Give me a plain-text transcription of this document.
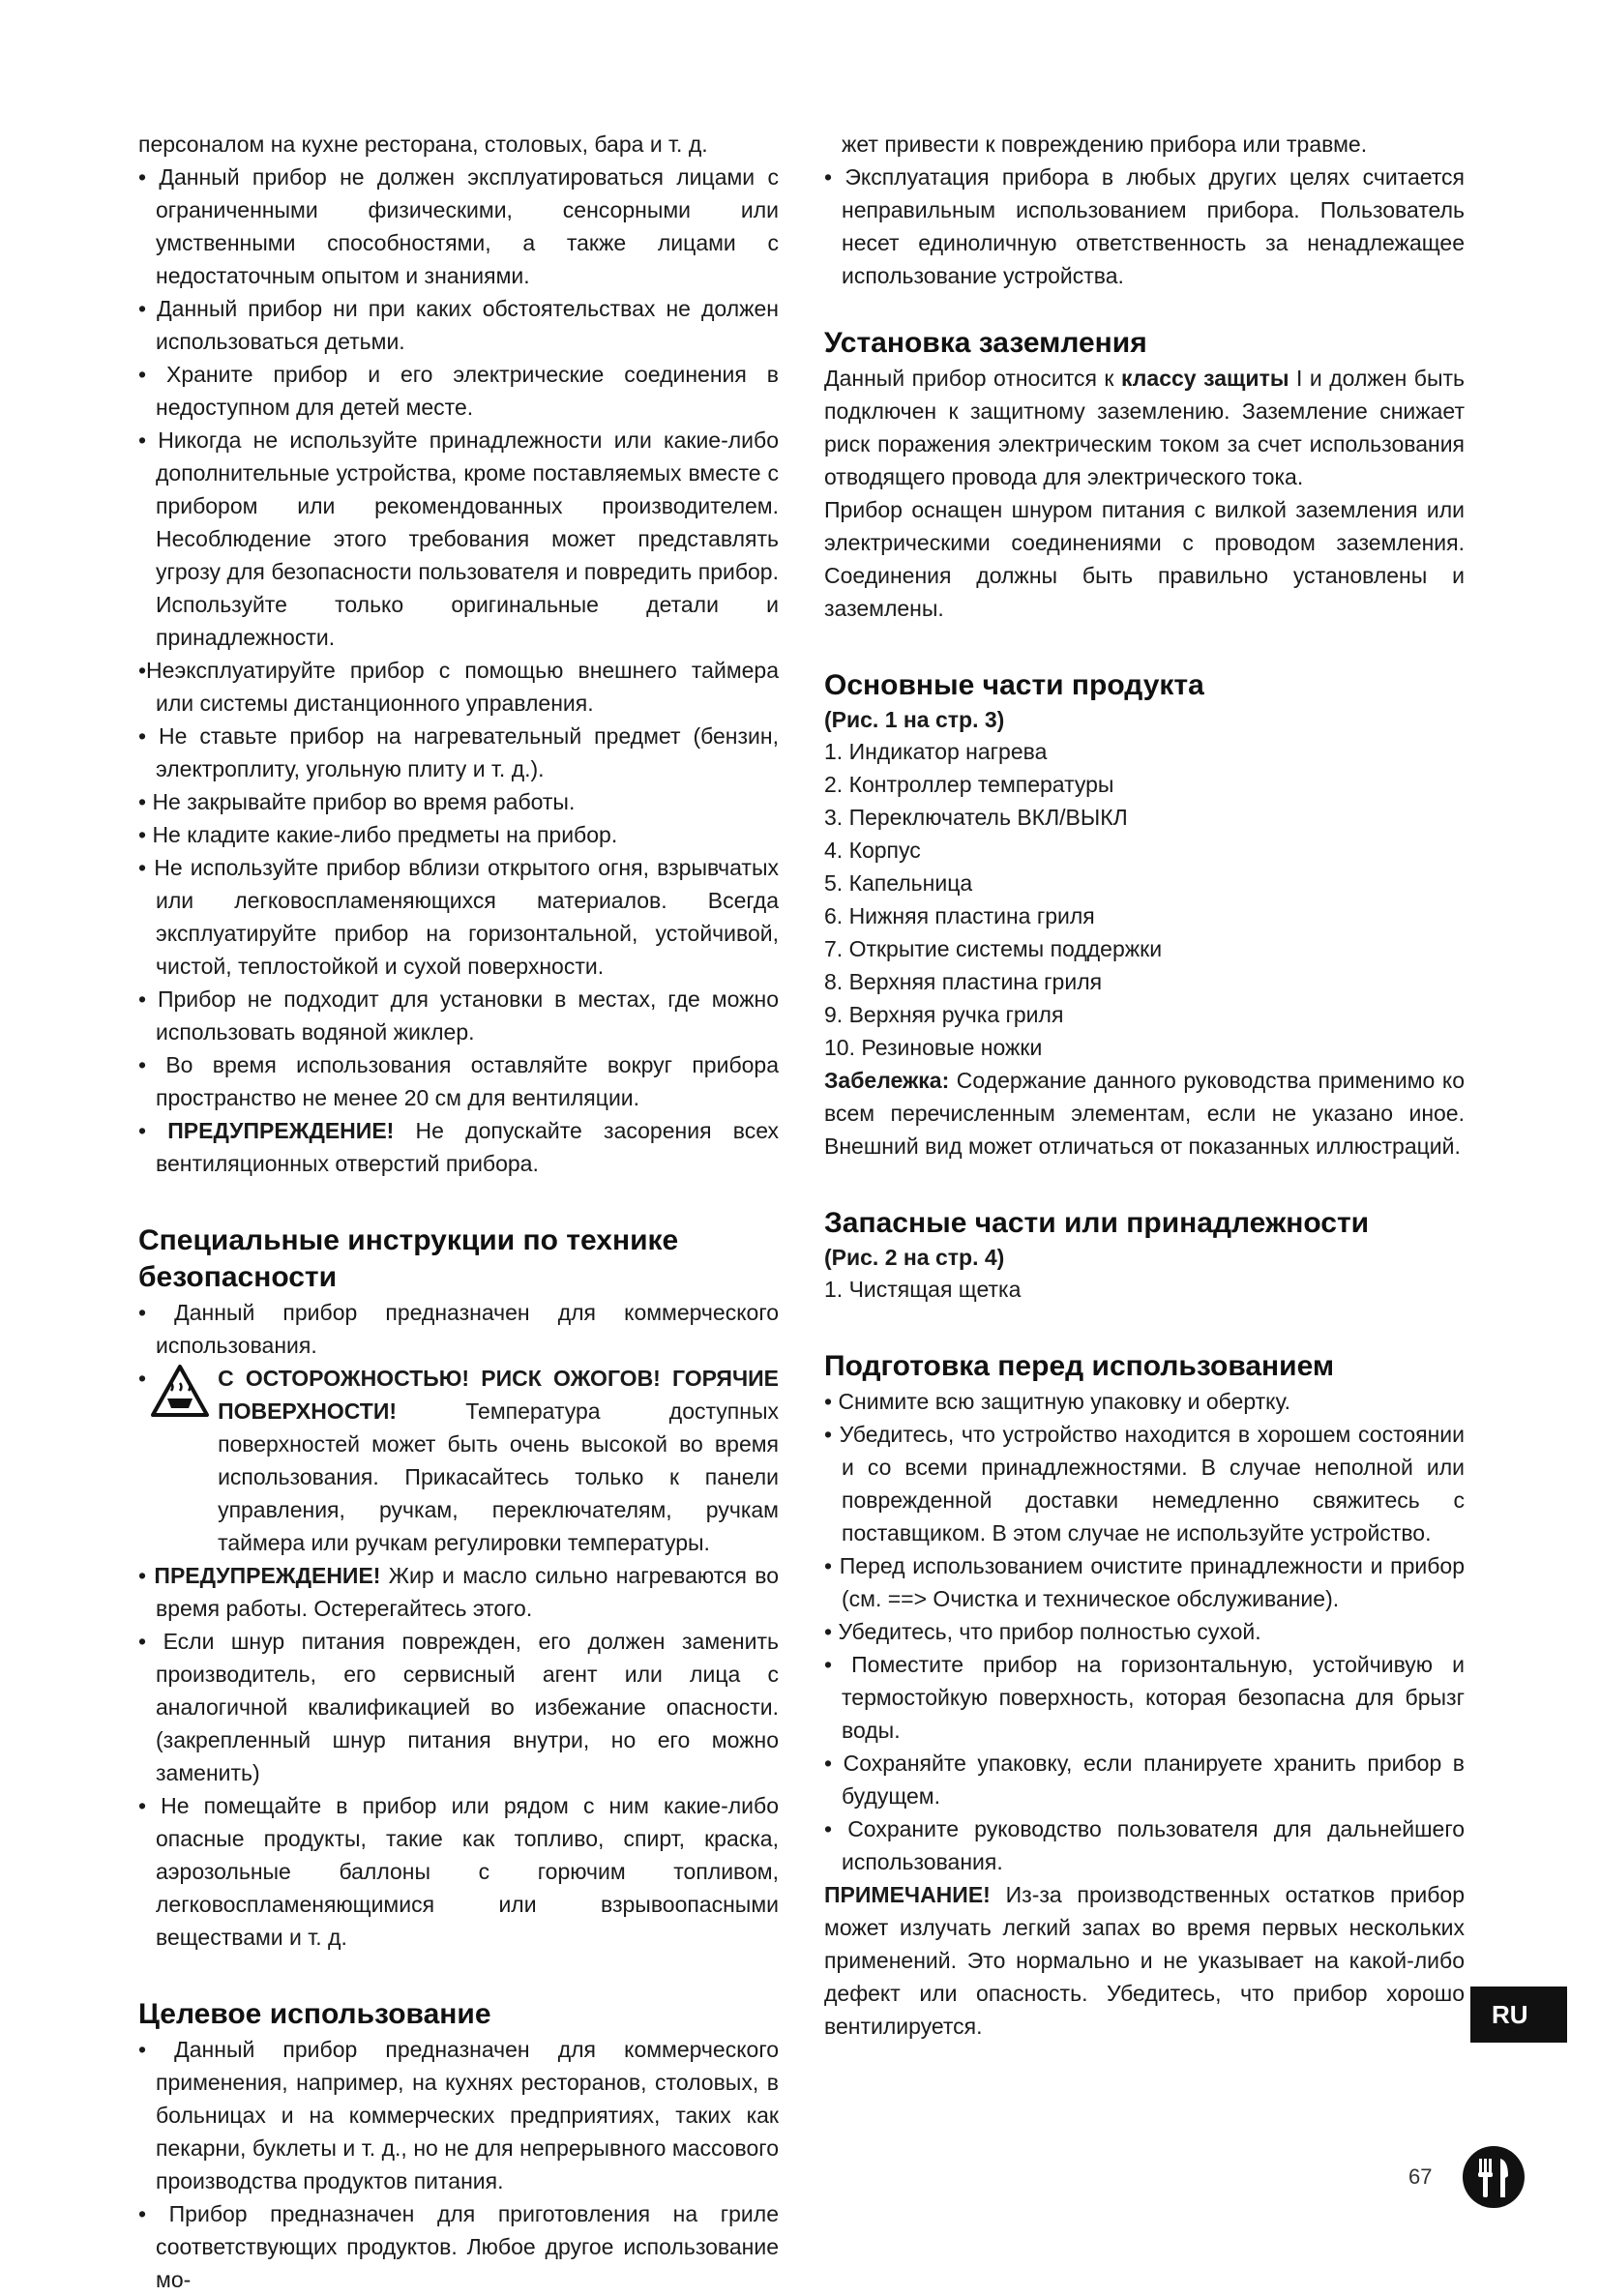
персоналом на кухне ресторана, столовых, бара и т. д.

• Данный прибор не должен эксплуатироваться лицами с ограниченными физическими, сенсорными или умственными способностями, а также лицами с недостаточным опытом и знаниями.

• Данный прибор ни при каких обстоятельствах не должен использоваться детьми.

• Храните прибор и его электрические соединения в недоступном для детей месте.

• Никогда не используйте принадлежности или какие-либо дополнительные устройства, кроме поставляемых вместе с прибором или рекомендованных производителем. Несоблюдение этого требования может представлять угрозу для безопасности пользователя и повредить прибор. Используйте только оригинальные детали и принадлежности.

•Неэксплуатируйте прибор с помощью внешнего таймера или системы дистанционного управления.

• Не ставьте прибор на нагревательный предмет (бензин, электроплиту, угольную плиту и т. д.).

• Не закрывайте прибор во время работы.

• Не кладите какие-либо предметы на прибор.

• Не используйте прибор вблизи открытого огня, взрывчатых или легковоспламеняющихся материалов. Всегда эксплуатируйте прибор на горизонтальной, устойчивой, чистой, теплостойкой и сухой поверхности.

• Прибор не подходит для установки в местах, где можно использовать водяной жиклер.

• Во время использования оставляйте вокруг прибора пространство не менее 20 см для вентиляции.

• ПРЕДУПРЕЖДЕНИЕ! Не допускайте засорения всех вентиляционных отверстий прибора.

Специальные инструкции по технике безопасности

• Данный прибор предназначен для коммерческого использования.

•	С ОСТОРОЖНОСТЬЮ! РИСК ОЖОГОВ! ГОРЯЧИЕ ПОВЕРХНОСТИ! Температура доступных поверхностей может быть очень высокой во время использования. Прикасайтесь только к панели управления, ручкам, переключателям, ручкам таймера или ручкам регулировки температуры.

• ПРЕДУПРЕЖДЕНИЕ! Жир и масло сильно нагреваются во время работы. Остерегайтесь этого.

• Если шнур питания поврежден, его должен заменить производитель, его сервисный агент или лица с аналогичной квалификацией во избежание опасности. (закрепленный шнур питания внутри, но его можно заменить)

• Не помещайте в прибор или рядом с ним какие-либо опасные продукты, такие как топливо, спирт, краска, аэрозольные баллоны с горючим топливом, легковоспламеняющимися или взрывоопасными веществами и т. д.

Целевое использование

• Данный прибор предназначен для коммерческого применения, например, на кухнях ресторанов, столовых, в больницах и на коммерческих предприятиях, таких как пекарни, буклеты и т. д., но не для непрерывного массового производства продуктов питания.

• Прибор предназначен для приготовления на гриле соответствующих продуктов. Любое другое использование мо-

жет привести к повреждению прибора или травме.

• Эксплуатация прибора в любых других целях считается неправильным использованием прибора. Пользователь несет единоличную ответственность за ненадлежащее использование устройства.

Установка заземления

Данный прибор относится к классу защиты I и должен быть подключен к защитному заземлению. Заземление снижает риск поражения электрическим током за счет использования отводящего провода для электрического тока.

Прибор оснащен шнуром питания с вилкой заземления или электрическими соединениями с проводом заземления. Соединения должны быть правильно установлены и заземлены.

Основные части продукта

(Рис. 1 на стр. 3)

1. Индикатор нагрева

2. Контроллер температуры

3. Переключатель ВКЛ/ВЫКЛ

4. Корпус

5. Капельница

6. Нижняя пластина гриля

7. Открытие системы поддержки

8. Верхняя пластина гриля

9. Верхняя ручка гриля

10. Резиновые ножки

Забележка: Содержание данного руководства применимо ко всем перечисленным элементам, если не указано иное. Внешний вид может отличаться от показанных иллюстраций.

Запасные части или принадлежности

(Рис. 2 на стр. 4)

1. Чистящая щетка

Подготовка перед использованием

• Снимите всю защитную упаковку и обертку.

• Убедитесь, что устройство находится в хорошем состоянии и со всеми принадлежностями. В случае неполной или поврежденной доставки немедленно свяжитесь с поставщиком. В этом случае не используйте устройство.

• Перед использованием очистите принадлежности и прибор (см. ==> Очистка и техническое обслуживание).

• Убедитесь, что прибор полностью сухой.

• Поместите прибор на горизонтальную, устойчивую и термостойкую поверхность, которая безопасна для брызг воды.

• Сохраняйте упаковку, если планируете хранить прибор в будущем.

• Сохраните руководство пользователя для дальнейшего использования.

ПРИМЕЧАНИЕ! Из-за производственных остатков прибор может излучать легкий запах во время первых нескольких применений. Это нормально и не указывает на какой-либо дефект или опасность. Убедитесь, что прибор хорошо вентилируется.	RU
67
